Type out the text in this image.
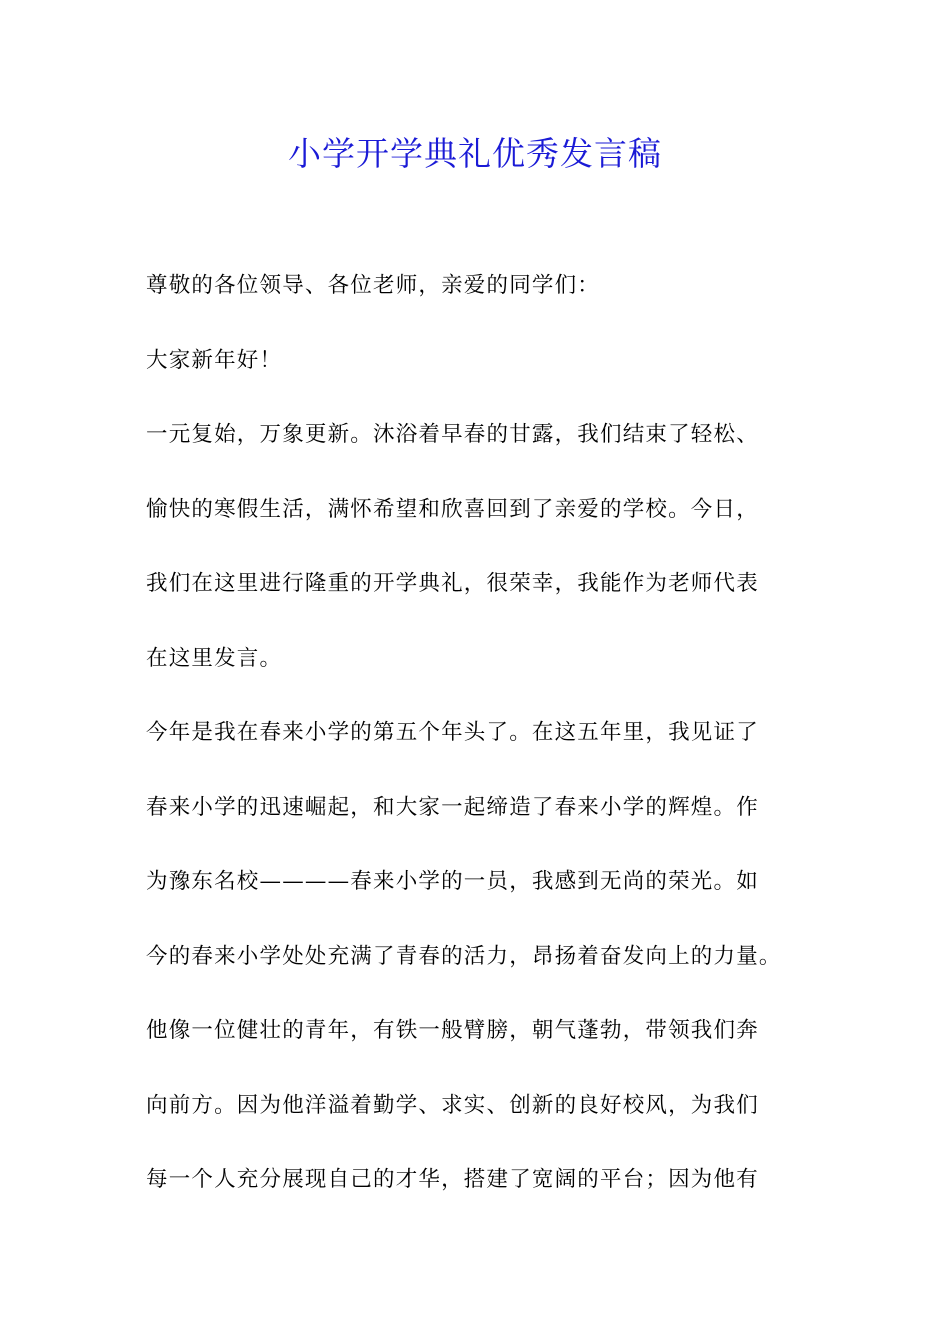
小学开学典礼优秀发言稿
尊敬的各位领导、各位老师，亲爱的同学们：
大家新年好！
一元复始，万象更新。沐浴着早春的甘露，我们结束了轻松、
愉快的寒假生活，满怀希望和欣喜回到了亲爱的学校。今日，
我们在这里进行隆重的开学典礼，很荣幸，我能作为老师代表
在这里发言。
今年是我在春来小学的第五个年头了。在这五年里，我见证了
春来小学的迅速崛起，和大家一起缔造了春来小学的辉煌。作
为豫东名校————春来小学的一员，我感到无尚的荣光。如
今的春来小学处处充满了青春的活力，昂扬着奋发向上的力量。
他像一位健壮的青年，有铁一般臂膀，朝气蓬勃，带领我们奔
向前方。因为他洋溢着勤学、求实、创新的良好校风，为我们
每一个人充分展现自己的才华，搭建了宽阔的平台；因为他有
